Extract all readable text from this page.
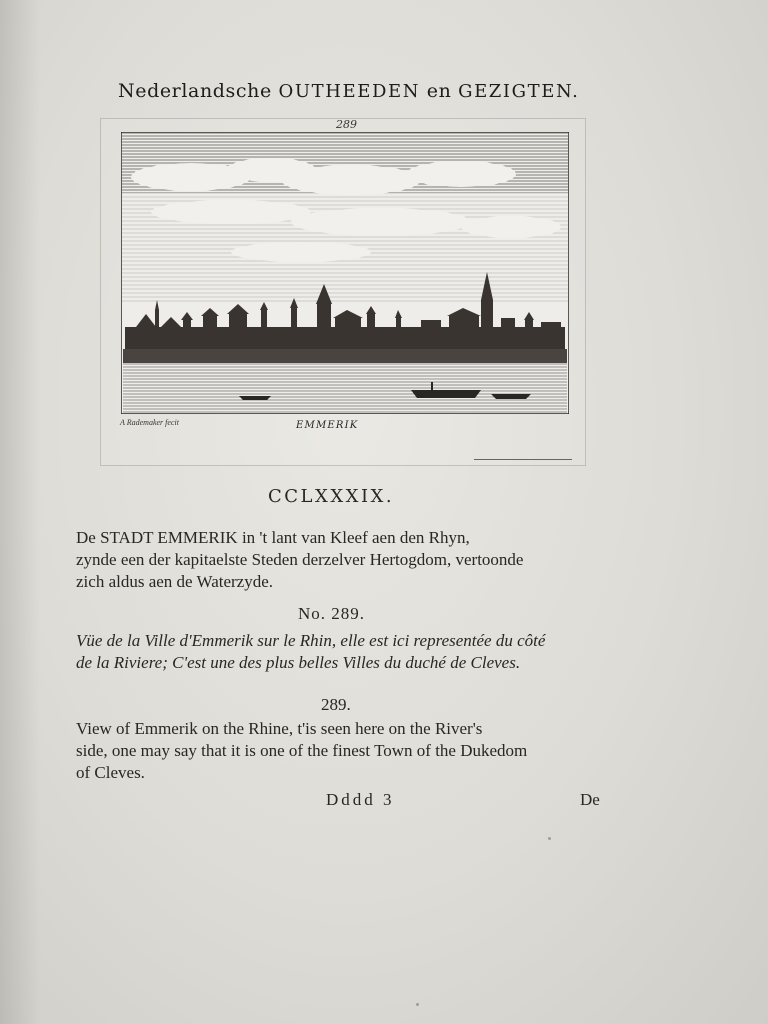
Nederlandsche OUTHEEDEN en GEZIGTEN.
289
A Rademaker fecit	EMMERIK
CCLXXXIX.

De STADT EMMERIK in 't lant van Kleef aen den Rhyn,

zynde een der kapitaelste Steden derzelver Hertogdom, vertoonde

zich aldus aen de Waterzyde.

No. 289.

Vüe de la Ville d'Emmerik sur le Rhin, elle est ici representée du côté

de la Riviere; C'est une des plus belles Villes du duché de Cleves.

289.

View of Emmerik on the Rhine, t'is seen here on the River's

side, one may say that it is one of the finest Town of the Dukedom

of Cleves.

Dddd 3	De
